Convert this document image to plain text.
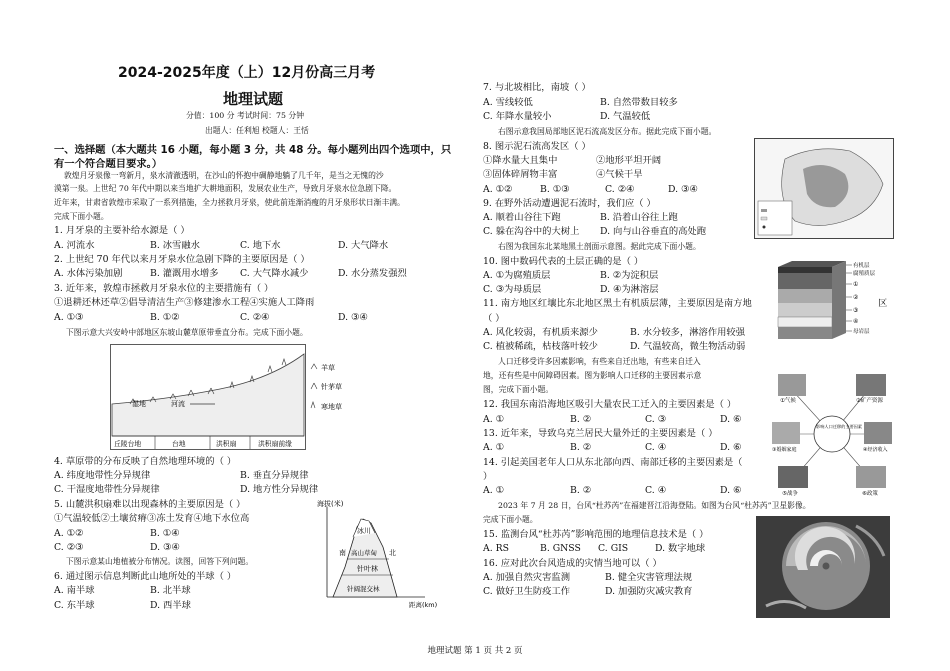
2024-2025年度（上）12月份高三月考
地理试题
分值：100 分 考试时间：75 分钟
出题人：任利旭 校题人：王恬
一、选择题（本大题共 16 小题，每小题 3 分，共 48 分。每小题列出四个选项中，只
有一个符合题目要求。）
敦煌月牙泉像一弯新月，泉水清澈透明，在沙山的怀抱中碉静地躺了几千年，是当之无愧的沙
漠第一泉。上世纪 70 年代中期以来当地扩大耕地面积，发展农业生产，导致月牙泉水位急剧下降。
近年来，甘肃省敦煌市采取了一系列措施，全力拯救月牙泉，使此前连渐消瘦的月牙泉形状日渐丰满。
完成下面小题。
1. 月牙泉的主要补给水源是（ ）
A. 河流水	B. 冰雪融水	C. 地下水	D. 大气降水
2. 上世纪 70 年代以来月牙泉水位急剧下降的主要原因是（ ）
A. 水体污染加剧	B. 灌溉用水增多 C. 大气降水减少	D. 水分蒸发强烈
3. 近年来，敦煌市拯救月牙泉水位的主要措施有（ ）
①退耕还林还草②倡导清洁生产③修建渗水工程④实施人工降雨
A. ①③	B. ①②	C. ②④	D. ③④
下图示意大兴安岭中部地区东坡山麓草原带垂直分布。完成下面小题。
湿地	河流
丘陵台地	台地	洪积扇	洪积扇前缘
羊草
针茅草
寒地草
4. 草原带的分布反映了自然地理环境的（ ）
A. 纬度地带性分异规律	B. 垂直分异规律
C. 干湿度地带性分异规律	D. 地方性分异规律
5. 山麓洪积扇难以出现森林的主要原因是（ ）
①气温较低②土壤贫瘠③冻土发育④地下水位高
A. ①②	B. ①④
C. ②③	D. ③④
下图示意某山地植被分布情况。读图，回答下列问题。
6. 通过图示信息判断此山地所处的半球（ ）
A. 南半球	B. 北半球
C. 东半球	D. 西半球
海拔(米)
距离(km)
冰川
南 高山草甸 北
针叶林
针阔混交林
7. 与北坡相比，南坡（ ）
A. 雪线较低	B. 自然带数目较多
C. 年降水量较小	D. 气温较低
右图示意我国局部地区泥石流高发区分布。据此完成下面小题。
8. 图示泥石流高发区（ ）
①降水量大且集中	②地形平坦开阔
③固体碎屑物丰富	④气候干旱
A. ①②	B. ①③	C. ②④	D. ③④
9. 在野外活动遭遇泥石流时，我们应（ ）
A. 顺着山谷往下跑	B. 沿着山谷往上跑
C. 躲在沟谷中的大树上 D. 向与山谷垂直的高处跑
右图为我国东北某地黑土剖面示意图。据此完成下面小题。
10. 图中数码代表的土层正确的是（ ）
A. ①为腐殖质层	B. ②为淀积层
C. ③为母质层	D. ④为淋溶层
11. 南方地区红壤比东北地区黑土有机质层薄，主要原因是南方地	区
（ ）
A. 风化较弱，有机质来源少	B. 水分较多，淋溶作用较强
C. 植被稀疏，枯枝落叶较少	D. 气温较高，微生物活动弱
有机层
腐殖质层
①
②
③
④
母岩层
人口迁移受许多因素影响，有些来自迁出地，有些来自迁入
地，还有些是中间障碍因素。图为影响人口迁移的主要因素示意
图，完成下面小题。
12. 我国东南沿海地区吸引大量农民工迁入的主要因素是（ ）
A. ①	B. ②	C. ③	D. ⑥
13. 近年来，导致乌克兰居民大量外迁的主要因素是（ ）
A. ①	B. ②	C. ④	D. ⑥
14. 引起美国老年人口从东北部向西、南部迁移的主要因素是（
）
A. ①	B. ②	C. ④	D. ⑥
影响人口迁移的主要因素
①气候	②矿产资源
③婚姻家庭	④经济收入
⑤战争	⑥政策
2023 年 7 月 28 日，台风“杜苏芮”在福建晋江沿海登陆。如图为台风“杜苏芮”卫星影像。
完成下面小题。
15. 监测台风“杜苏芮”影响范围的地理信息技术是（ ）
A. RS	B. GNSS C. GIS	D. 数字地球
16. 应对此次台风造成的灾情当地可以（ ）
A. 加强自然灾害监测	B. 健全灾害管理法规
C. 做好卫生防疫工作	D. 加强防灾减灾教育
地理试题 第 1 页 共 2 页
